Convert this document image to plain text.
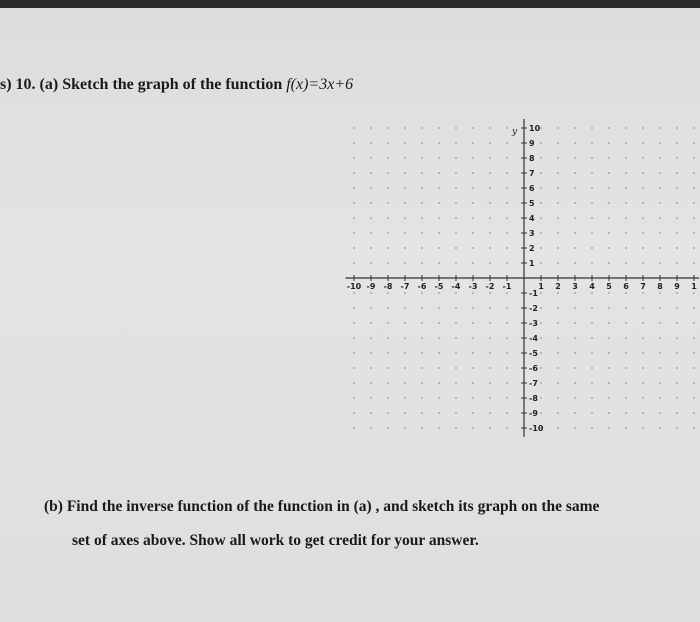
s) 10. (a) Sketch the graph of the function f(x)=3x+6
-10 -9 -8 -7 -6 -5 -4 -3 -2 -1	1 2 3 4 5 6 7 8 9 1
10
9
8
7
6
5
4
3
2
1
-1
-2
-3
-4
-5
-6
-7
-8
-9
-10
y
(b) Find the inverse function of the function in (a) , and sketch its graph on the same
set of axes above. Show all work to get credit for your answer.
